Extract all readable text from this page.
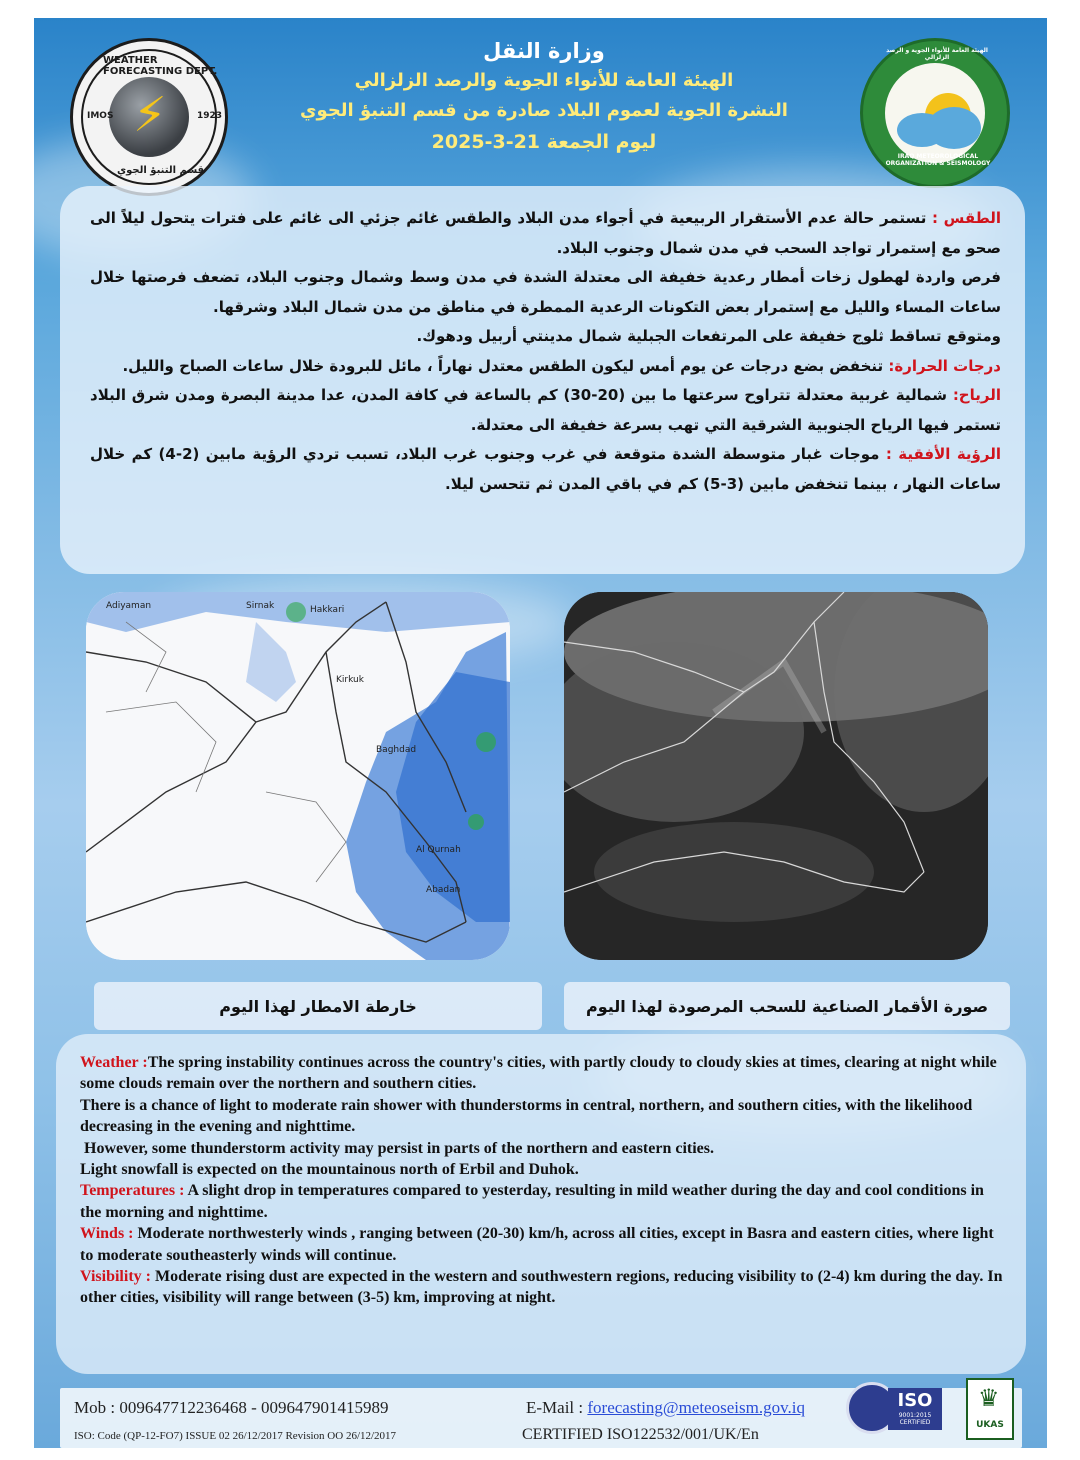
⚡
WEATHER FORECASTING DEPT.
IMOS	1923
قسم التنبؤ الجوي
وزارة النقل
الهيئة العامة للأنواء الجوية والرصد الزلزالي
النشرة الجوية لعموم البلاد صادرة من قسم التنبؤ الجوي
ليوم الجمعة 21-3-2025
IRAQ METEOROLOGICAL ORGANIZATION & SEISMOLOGY
الهيئة العامة للأنواء الجوية و الرصد الزلزالي

الطقس : تستمر حالة عدم الأستقرار الربيعية في أجواء مدن البلاد والطقس غائم جزئي الى غائم على فترات يتحول ليلاً الى صحو مع إستمرار تواجد السحب في مدن شمال وجنوب البلاد.

فرص واردة لهطول زخات أمطار رعدية خفيفة الى معتدلة الشدة في مدن وسط وشمال وجنوب البلاد، تضعف فرصتها خلال ساعات المساء والليل مع إستمرار بعض التكونات الرعدية الممطرة في مناطق من مدن شمال البلاد وشرقها.

ومتوقع تساقط ثلوج خفيفة على المرتفعات الجبلية شمال مدينتي أربيل ودهوك.

درجات الحرارة: تنخفض بضع درجات عن يوم أمس ليكون الطقس معتدل نهاراً ، مائل للبرودة خلال ساعات الصباح والليل.

الرياح: شمالية غربية معتدلة تتراوح سرعتها ما بين (20-30) كم بالساعة في كافة المدن، عدا مدينة البصرة ومدن شرق البلاد تستمر فيها الرياح الجنوبية الشرقية التي تهب بسرعة خفيفة الى معتدلة.

الرؤية الأفقية : موجات غبار متوسطة الشدة متوقعة في غرب وجنوب غرب البلاد، تسبب تردي الرؤية مابين (2-4) كم خلال ساعات النهار ، بينما تنخفض مابين (3-5) كم في باقي المدن ثم تتحسن ليلا.

Adiyaman	Sirnak	Hakkari
Kirkuk
Baghdad
Al Qurnah
Abadan
خارطة الامطار لهذا اليوم	صورة الأقمار الصناعية للسحب المرصودة لهذا اليوم
Weather :The spring instability continues across the country's cities, with partly cloudy to cloudy skies at times, clearing at night while some clouds remain over the northern and southern cities.
There is a chance of light to moderate rain shower with thunderstorms in central, northern, and southern cities, with the likelihood decreasing in the evening and nighttime.
However, some thunderstorm activity may persist in parts of the northern and eastern cities.
Light snowfall is expected on the mountainous north of Erbil and Duhok.
Temperatures : A slight drop in temperatures compared to yesterday, resulting in mild weather during the day and cool conditions in the morning and nighttime.
Winds : Moderate northwesterly winds , ranging between (20-30) km/h, across all cities, except in Basra and eastern cities, where light to moderate southeasterly winds will continue.
Visibility : Moderate rising dust are expected in the western and southwestern regions, reducing visibility to (2-4) km during the day. In other cities, visibility will range between (3-5) km, improving at night.
Mob : 009647712236468 - 009647901415989	E-Mail : forecasting@meteoseism.gov.iq
ISO: Code (QP-12-FO7) ISSUE 02 26/12/2017 Revision OO 26/12/2017	CERTIFIED ISO122532/001/UK/En
ISO
9001:2015 CERTIFIED
♛
UKAS
